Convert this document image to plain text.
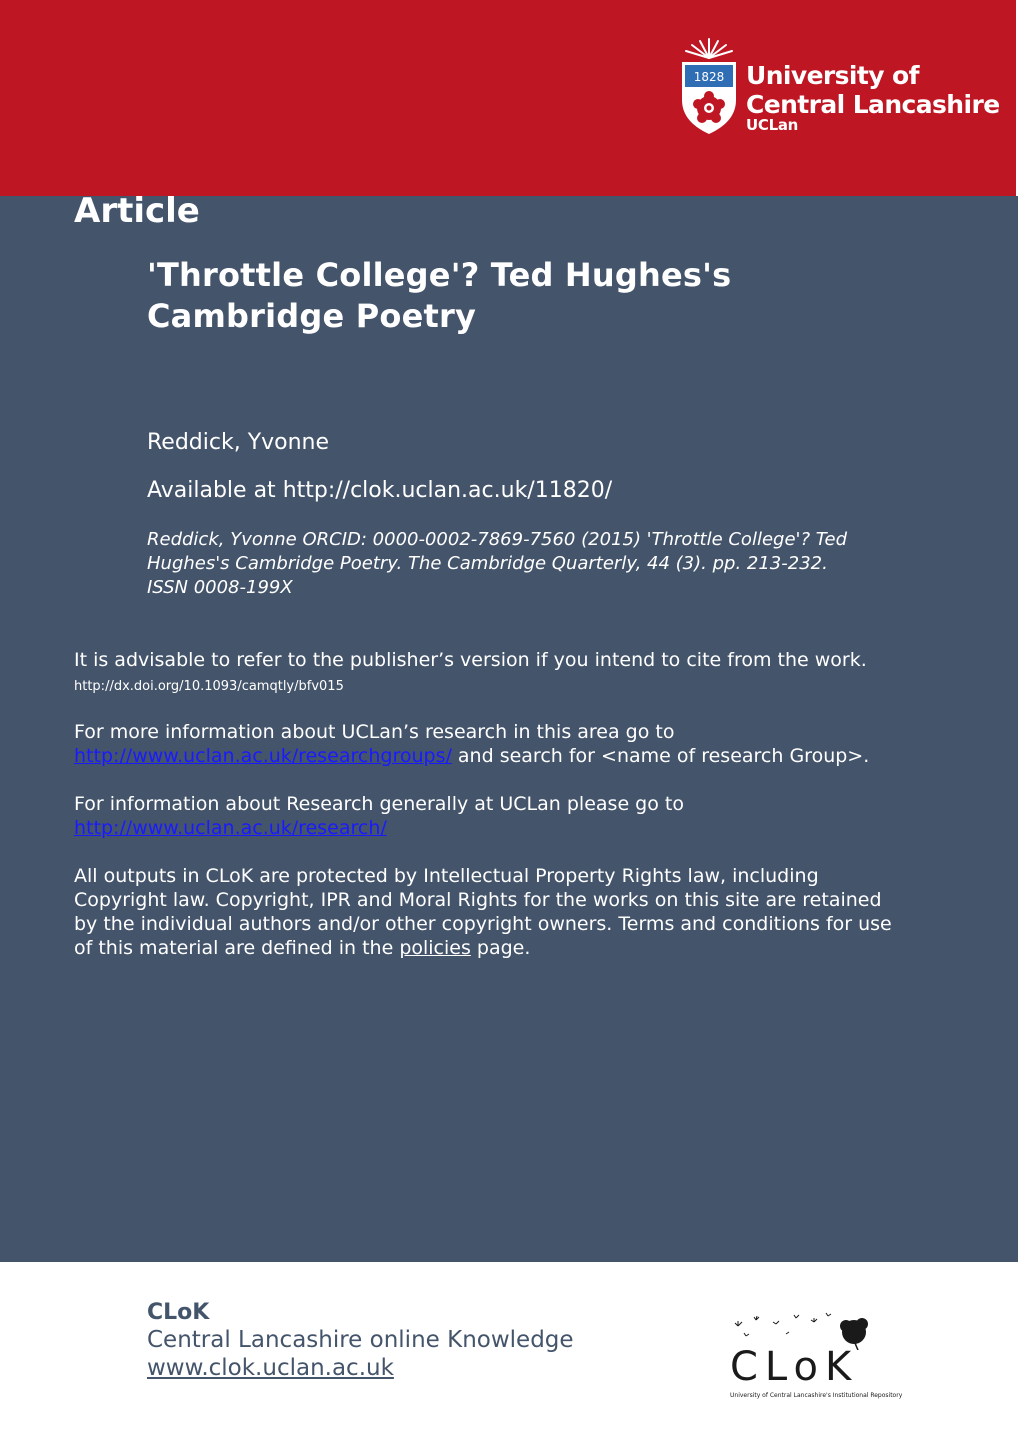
1828 University of
Central Lancashire
UCLan
Article
'Throttle College'? Ted Hughes's
Cambridge Poetry
Reddick, Yvonne
Available at http://clok.uclan.ac.uk/11820/
Reddick, Yvonne ORCID: 0000-0002-7869-7560 (2015) 'Throttle College'? Ted
Hughes's Cambridge Poetry. The Cambridge Quarterly, 44 (3). pp. 213-232.
ISSN 0008-199X
It is advisable to refer to the publisher’s version if you intend to cite from the work.
http://dx.doi.org/10.1093/camqtly/bfv015
For more information about UCLan’s research in this area go to
http://www.uclan.ac.uk/researchgroups/ and search for <name of research Group>.
For information about Research generally at UCLan please go to
http://www.uclan.ac.uk/research/
All outputs in CLoK are protected by Intellectual Property Rights law, including
Copyright law. Copyright, IPR and Moral Rights for the works on this site are retained
by the individual authors and/or other copyright owners. Terms and conditions for use
of this material are defined in the policies page.
CLoK
Central Lancashire online Knowledge
www.clok.uclan.ac.uk	CLoK
University of Central Lancashire's Institutional Repository
